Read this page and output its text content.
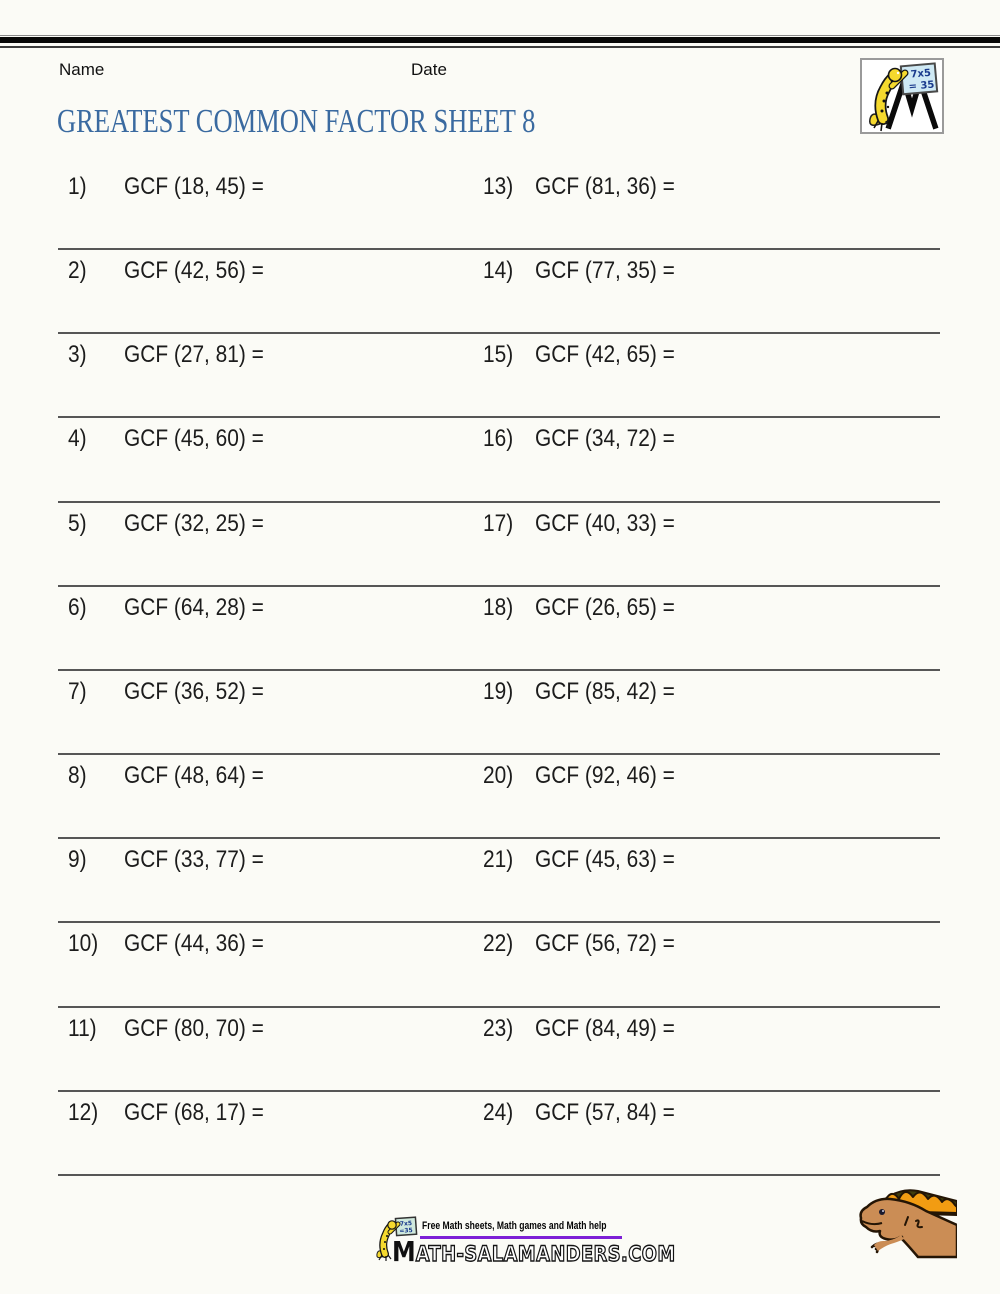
Name	Date	7x5
= 35
GREATEST COMMON FACTOR SHEET 8
1) GCF (18, 45) =	13) GCF (81, 36) =
2) GCF (42, 56) =	14) GCF (77, 35) =
3) GCF (27, 81) =	15) GCF (42, 65) =
4) GCF (45, 60) =	16) GCF (34, 72) =
5) GCF (32, 25) =	17) GCF (40, 33) =
6) GCF (64, 28) =	18) GCF (26, 65) =
7) GCF (36, 52) =	19) GCF (85, 42) =
8) GCF (48, 64) =	20) GCF (92, 46) =
9) GCF (33, 77) =	21) GCF (45, 63) =
10) GCF (44, 36) =	22) GCF (56, 72) =
11) GCF (80, 70) =	23) GCF (84, 49) =
12) GCF (68, 17) =	24) GCF (57, 84) =
7x5
=35 Free Math sheets, Math games and Math help
MATH-SALAMANDERS.COM
